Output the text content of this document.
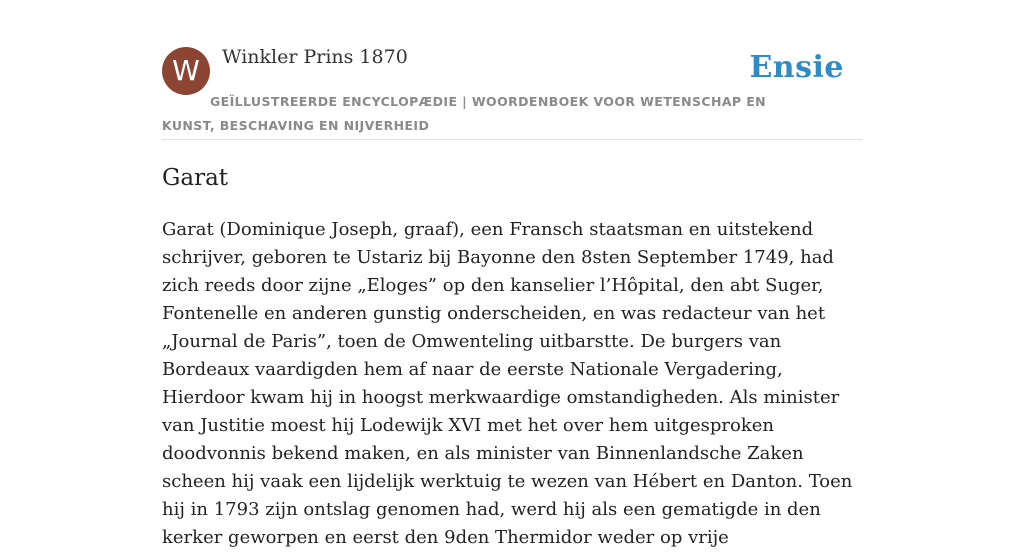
W	Winkler Prins 1870	Ensie
GEÏLLUSTREERDE ENCYCLOPÆDIE | WOORDENBOEK VOOR WETENSCHAP EN KUNST, BESCHAVING EN NIJVERHEID
Garat

Garat (Dominique Joseph, graaf), een Fransch staatsman en uitstekend schrijver, geboren te Ustariz bij Bayonne den 8sten September 1749, had zich reeds door zijne „Eloges” op den kanselier l’Hôpital, den abt Suger, Fontenelle en anderen gunstig onderscheiden, en was redacteur van het „Journal de Paris”, toen de Omwenteling uitbarstte. De burgers van Bordeaux vaardigden hem af naar de eerste Nationale Vergadering, Hierdoor kwam hij in hoogst merkwaardige omstandigheden. Als minister van Justitie moest hij Lodewijk XVI met het over hem uitgesproken doodvonnis bekend maken, en als minister van Binnenlandsche Zaken scheen hij vaak een lijdelijk werktuig te wezen van Hébert en Danton. Toen hij in 1793 zijn ontslag genomen had, werd hij als een gematigde in den kerker geworpen en eerst den 9den Thermidor weder op vrije
